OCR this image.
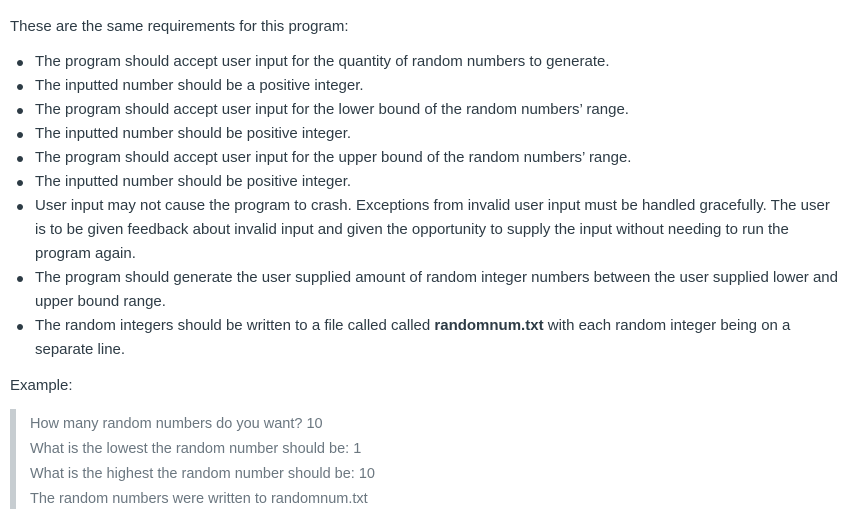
These are the same requirements for this program:

The program should accept user input for the quantity of random numbers to generate.
The inputted number should be a positive integer.
The program should accept user input for the lower bound of the random numbers’ range.
The inputted number should be positive integer.
The program should accept user input for the upper bound of the random numbers’ range.
The inputted number should be positive integer.
User input may not cause the program to crash. Exceptions from invalid user input must be handled gracefully. The user is to be given feedback about invalid input and given the opportunity to supply the input without needing to run the program again.
The program should generate the user supplied amount of random integer numbers between the user supplied lower and upper bound range.
The random integers should be written to a file called called randomnum.txt with each random integer being on a separate line.

Example:

How many random numbers do you want? 10
What is the lowest the random number should be: 1
What is the highest the random number should be: 10
The random numbers were written to randomnum.txt
